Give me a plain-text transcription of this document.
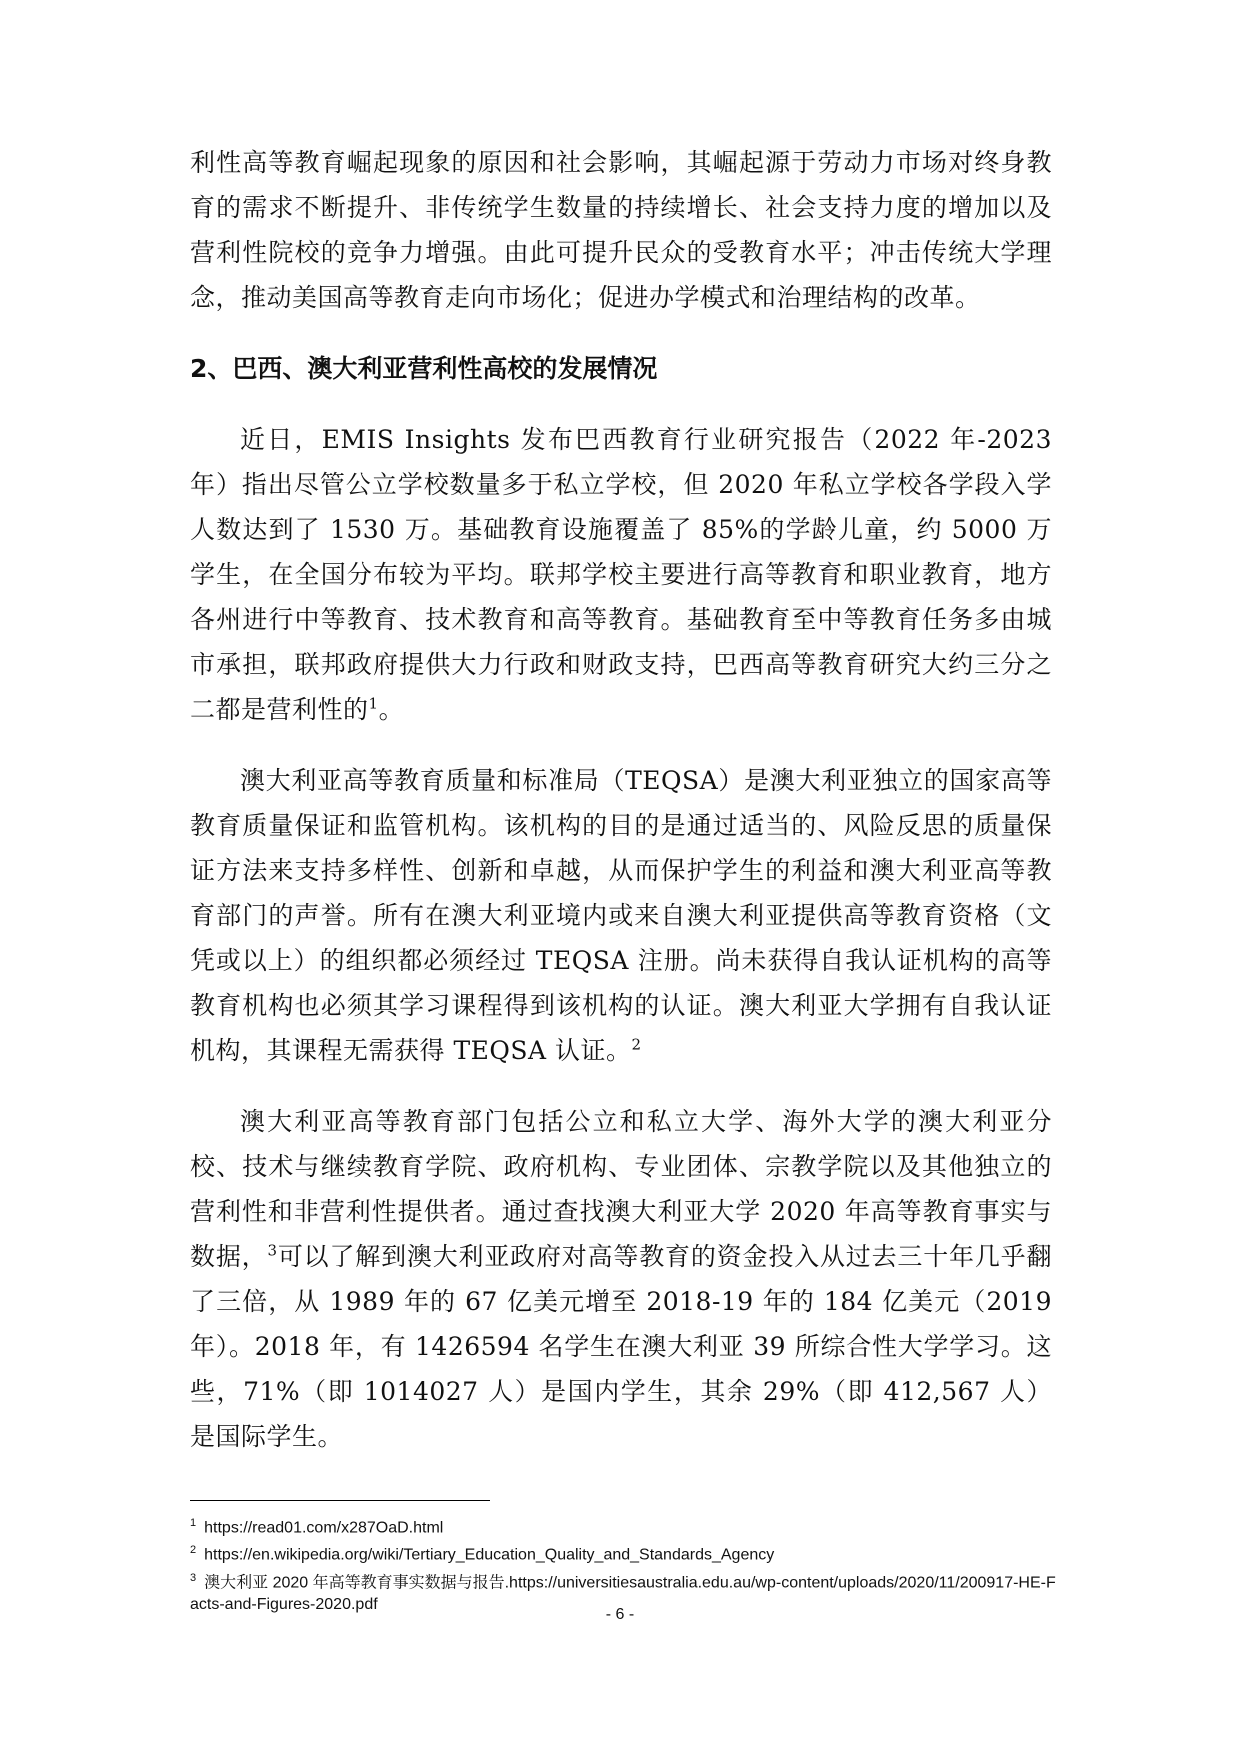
利性高等教育崛起现象的原因和社会影响，其崛起源于劳动力市场对终身教育的需求不断提升、非传统学生数量的持续增长、社会支持力度的增加以及营利性院校的竞争力增强。由此可提升民众的受教育水平；冲击传统大学理念，推动美国高等教育走向市场化；促进办学模式和治理结构的改革。

2、巴西、澳大利亚营利性高校的发展情况

近日，EMIS Insights 发布巴西教育行业研究报告（2022 年-2023 年）指出尽管公立学校数量多于私立学校，但 2020 年私立学校各学段入学人数达到了 1530 万。基础教育设施覆盖了 85%的学龄儿童，约 5000 万学生，在全国分布较为平均。联邦学校主要进行高等教育和职业教育，地方各州进行中等教育、技术教育和高等教育。基础教育至中等教育任务多由城市承担，联邦政府提供大力行政和财政支持，巴西高等教育研究大约三分之二都是营利性的$^1$。

澳大利亚高等教育质量和标准局（TEQSA）是澳大利亚独立的国家高等教育质量保证和监管机构。该机构的目的是通过适当的、风险反思的质量保证方法来支持多样性、创新和卓越，从而保护学生的利益和澳大利亚高等教育部门的声誉。所有在澳大利亚境内或来自澳大利亚提供高等教育资格（文凭或以上）的组织都必须经过 TEQSA 注册。尚未获得自我认证机构的高等教育机构也必须其学习课程得到该机构的认证。澳大利亚大学拥有自我认证机构，其课程无需获得 TEQSA 认证。$^2$

澳大利亚高等教育部门包括公立和私立大学、海外大学的澳大利亚分校、技术与继续教育学院、政府机构、专业团体、宗教学院以及其他独立的营利性和非营利性提供者。通过查找澳大利亚大学 2020 年高等教育事实与数据，$^3$可以了解到澳大利亚政府对高等教育的资金投入从过去三十年几乎翻了三倍，从 1989 年的 67 亿美元增至 2018-19 年的 184 亿美元（2019 年）。2018 年，有 1426594 名学生在澳大利亚 39 所综合性大学学习。这些，71%（即 1014027 人）是国内学生，其余 29%（即 412,567 人）是国际学生。

$^1$ https://read01.com/x287OaD.html

$^2$ https://en.wikipedia.org/wiki/Tertiary_Education_Quality_and_Standards_Agency

$^3$ 澳大利亚 2020 年高等教育事实数据与报告.https://universitiesaustralia.edu.au/wp-content/uploads/2020/11/200917-HE-Facts-and-Figures-2020.pdf

- 6 -
